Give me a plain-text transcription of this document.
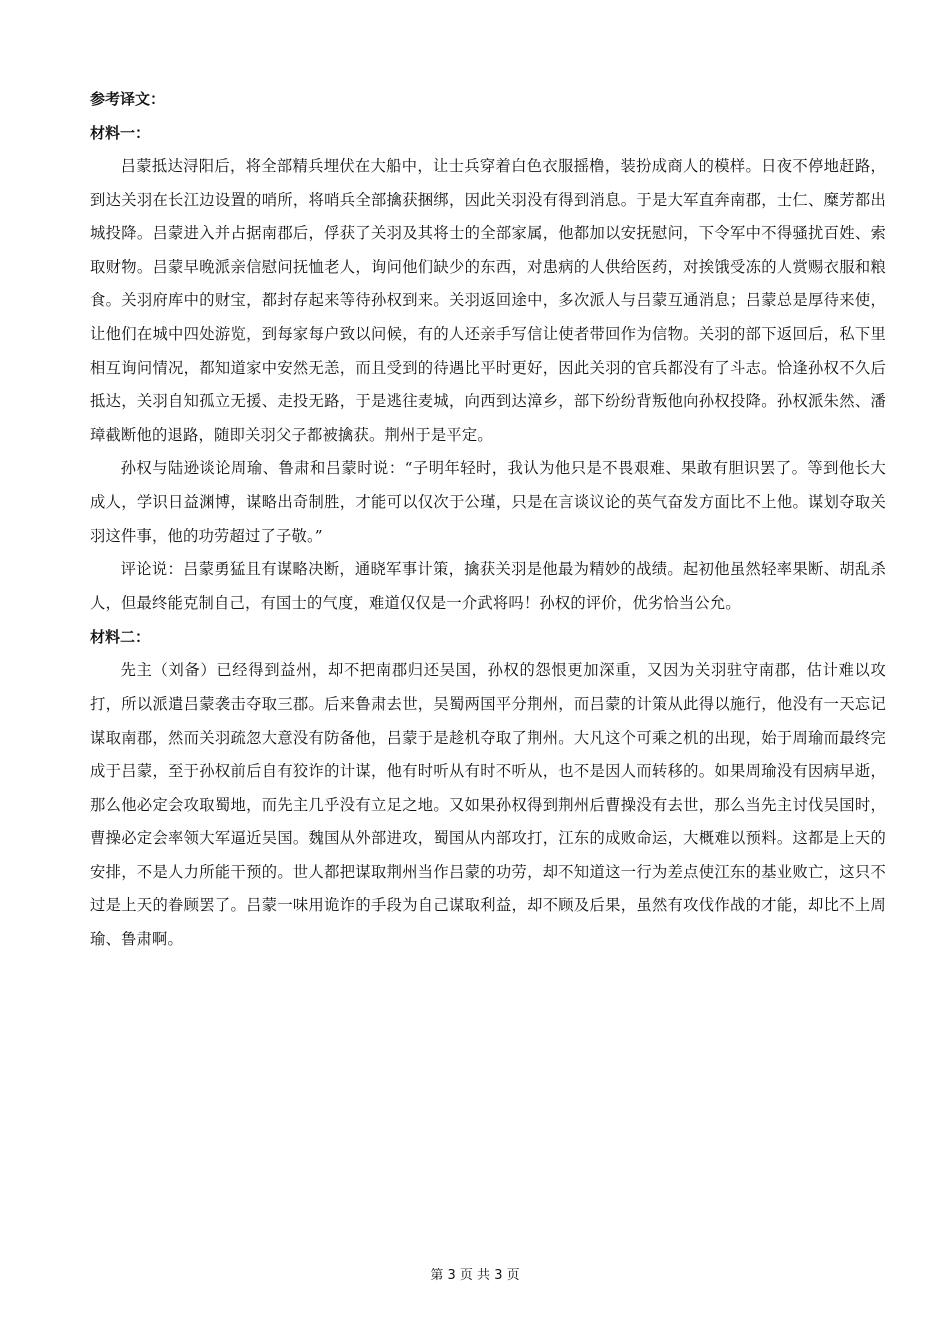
参考译文：

材料一：

吕蒙抵达浔阳后，将全部精兵埋伏在大船中，让士兵穿着白色衣服摇橹，装扮成商人的模样。日夜不停地赶路，到达关羽在长江边设置的哨所，将哨兵全部擒获捆绑，因此关羽没有得到消息。于是大军直奔南郡，士仁、糜芳都出城投降。吕蒙进入并占据南郡后，俘获了关羽及其将士的全部家属，他都加以安抚慰问，下令军中不得骚扰百姓、索取财物。吕蒙早晚派亲信慰问抚恤老人，询问他们缺少的东西，对患病的人供给医药，对挨饿受冻的人赏赐衣服和粮食。关羽府库中的财宝，都封存起来等待孙权到来。关羽返回途中，多次派人与吕蒙互通消息；吕蒙总是厚待来使，让他们在城中四处游览，到每家每户致以问候，有的人还亲手写信让使者带回作为信物。关羽的部下返回后，私下里相互询问情况，都知道家中安然无恙，而且受到的待遇比平时更好，因此关羽的官兵都没有了斗志。恰逢孙权不久后抵达，关羽自知孤立无援、走投无路，于是逃往麦城，向西到达漳乡，部下纷纷背叛他向孙权投降。孙权派朱然、潘璋截断他的退路，随即关羽父子都被擒获。荆州于是平定。

孙权与陆逊谈论周瑜、鲁肃和吕蒙时说：“子明年轻时，我认为他只是不畏艰难、果敢有胆识罢了。等到他长大成人，学识日益渊博，谋略出奇制胜，才能可以仅次于公瑾，只是在言谈议论的英气奋发方面比不上他。谋划夺取关羽这件事，他的功劳超过了子敬。”

评论说：吕蒙勇猛且有谋略决断，通晓军事计策，擒获关羽是他最为精妙的战绩。起初他虽然轻率果断、胡乱杀人，但最终能克制自己，有国士的气度，难道仅仅是一介武将吗！孙权的评价，优劣恰当公允。

材料二：

先主（刘备）已经得到益州，却不把南郡归还吴国，孙权的怨恨更加深重，又因为关羽驻守南郡，估计难以攻打，所以派遣吕蒙袭击夺取三郡。后来鲁肃去世，吴蜀两国平分荆州，而吕蒙的计策从此得以施行，他没有一天忘记谋取南郡，然而关羽疏忽大意没有防备他，吕蒙于是趁机夺取了荆州。大凡这个可乘之机的出现，始于周瑜而最终完成于吕蒙，至于孙权前后自有狡诈的计谋，他有时听从有时不听从，也不是因人而转移的。如果周瑜没有因病早逝，那么他必定会攻取蜀地，而先主几乎没有立足之地。又如果孙权得到荆州后曹操没有去世，那么当先主讨伐吴国时，曹操必定会率领大军逼近吴国。魏国从外部进攻，蜀国从内部攻打，江东的成败命运，大概难以预料。这都是上天的安排，不是人力所能干预的。世人都把谋取荆州当作吕蒙的功劳，却不知道这一行为差点使江东的基业败亡，这只不过是上天的眷顾罢了。吕蒙一味用诡诈的手段为自己谋取利益，却不顾及后果，虽然有攻伐作战的才能，却比不上周瑜、鲁肃啊。

第 3 页 共 3 页
